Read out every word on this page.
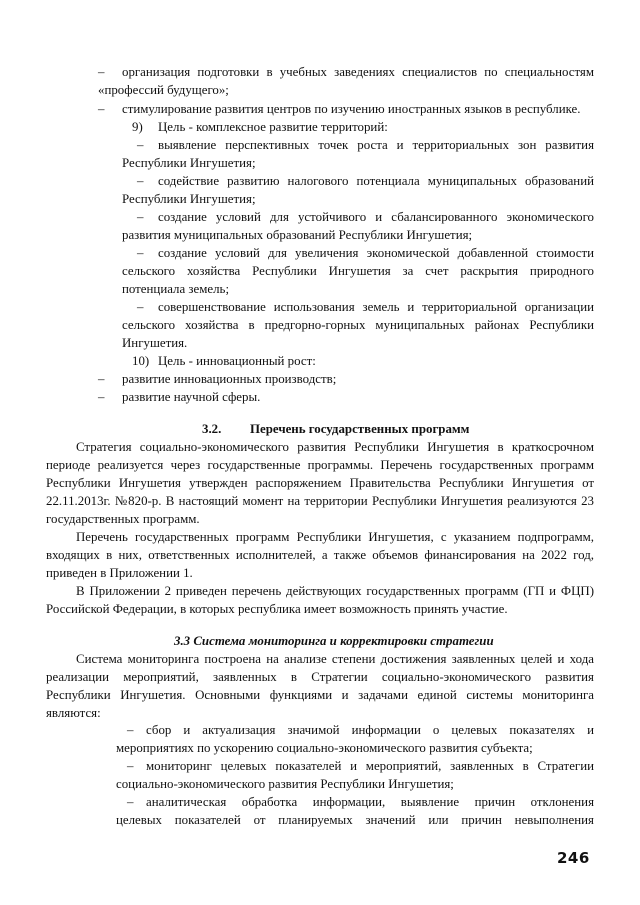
– организация подготовки в учебных заведениях специалистов по специальностям
«профессий будущего»;
– стимулирование развития центров по изучению иностранных языков в республике.
9) Цель - комплексное развитие территорий:
– выявление перспективных точек роста и территориальных зон развития
Республики Ингушетия;
– содействие развитию налогового потенциала муниципальных образований
Республики Ингушетия;
– создание условий для устойчивого и сбалансированного экономического
развития муниципальных образований Республики Ингушетия;
– создание условий для увеличения экономической добавленной стоимости
сельского хозяйства Республики Ингушетия за счет раскрытия природного
потенциала земель;
– совершенствование использования земель и территориальной организации
сельского хозяйства в предгорно-горных муниципальных районах Республики
Ингушетия.
10) Цель - инновационный рост:
– развитие инновационных производств;
– развитие научной сферы.
3.2. Перечень государственных программ
Стратегия социально-экономического развития Республики Ингушетия в краткосрочном
периоде реализуется через государственные программы. Перечень государственных программ
Республики Ингушетия утвержден распоряжением Правительства Республики Ингушетия от
22.11.2013г. №820-р. В настоящий момент на территории Республики Ингушетия реализуются 23
государственных программ.
Перечень государственных программ Республики Ингушетия, с указанием подпрограмм,
входящих в них, ответственных исполнителей, а также объемов финансирования на 2022 год,
приведен в Приложении 1.
В Приложении 2 приведен перечень действующих государственных программ (ГП и ФЦП)
Российской Федерации, в которых республика имеет возможность принять участие.
3.3 Система мониторинга и корректировки стратегии
Система мониторинга построена на анализе степени достижения заявленных целей и хода
реализации мероприятий, заявленных в Стратегии социально-экономического развития
Республики Ингушетия. Основными функциями и задачами единой системы мониторинга
являются:
– сбор и актуализация значимой информации о целевых показателях и
мероприятиях по ускорению социально-экономического развития субъекта;
– мониторинг целевых показателей и мероприятий, заявленных в Стратегии
социально-экономического развития Республики Ингушетия;
– аналитическая обработка информации, выявление причин отклонения
целевых показателей от планируемых значений или причин невыполнения
246
